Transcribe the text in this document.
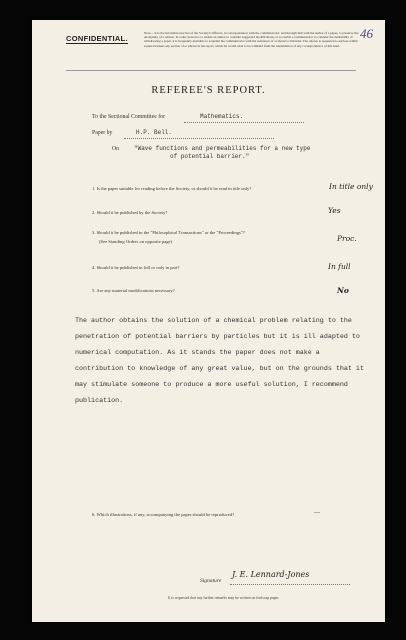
46
CONFIDENTIAL.
Note.—It is the invariable practice of the Society's Officers, in correspondence with the communicator, and through him with the author of a paper, to preserve the anonymity of a referee. In order, however, to enable an author to consider suggested modifications, or to enable a communicator to consider the desirability of withdrawing a paper, it is frequently desirable to acquaint the communicator with the substance of a referee's criticisms. The referee is requested to enclose within square brackets any section of or phrase in his report, which he would wish to be withheld from the transmission of any correspondence of this kind.
REFEREE'S REPORT.
To the Sectional Committee for	Mathematics.
Paper by	H.P. Bell.
On "Wave functions and permeabilities for a new type
of potential barrier."
1. Is the paper suitable for reading before the Society, or should it be read in title only?	In title only
2. Should it be published by the Society?	Yes
3. Should it be published in the "Philosophical Transactions" or the "Proceedings"?
(See Standing Orders on opposite page)	Proc.
4. Should it be published in full or only in part?	In full
5. Are any material modifications necessary?	No
The author obtains the solution of a chemical problem relating to the penetration of potential barriers by particles but it is ill adapted to numerical computation. As it stands the paper does not make a contribution to knowledge of any great value, but on the grounds that it may stimulate someone to produce a more useful solution, I recommend publication.
6. Which illustrations, if any, accompanying the paper should be reproduced?	—
Signature
J. E. Lennard-Jones
It is requested that any further remarks may be written on foolscap paper.
